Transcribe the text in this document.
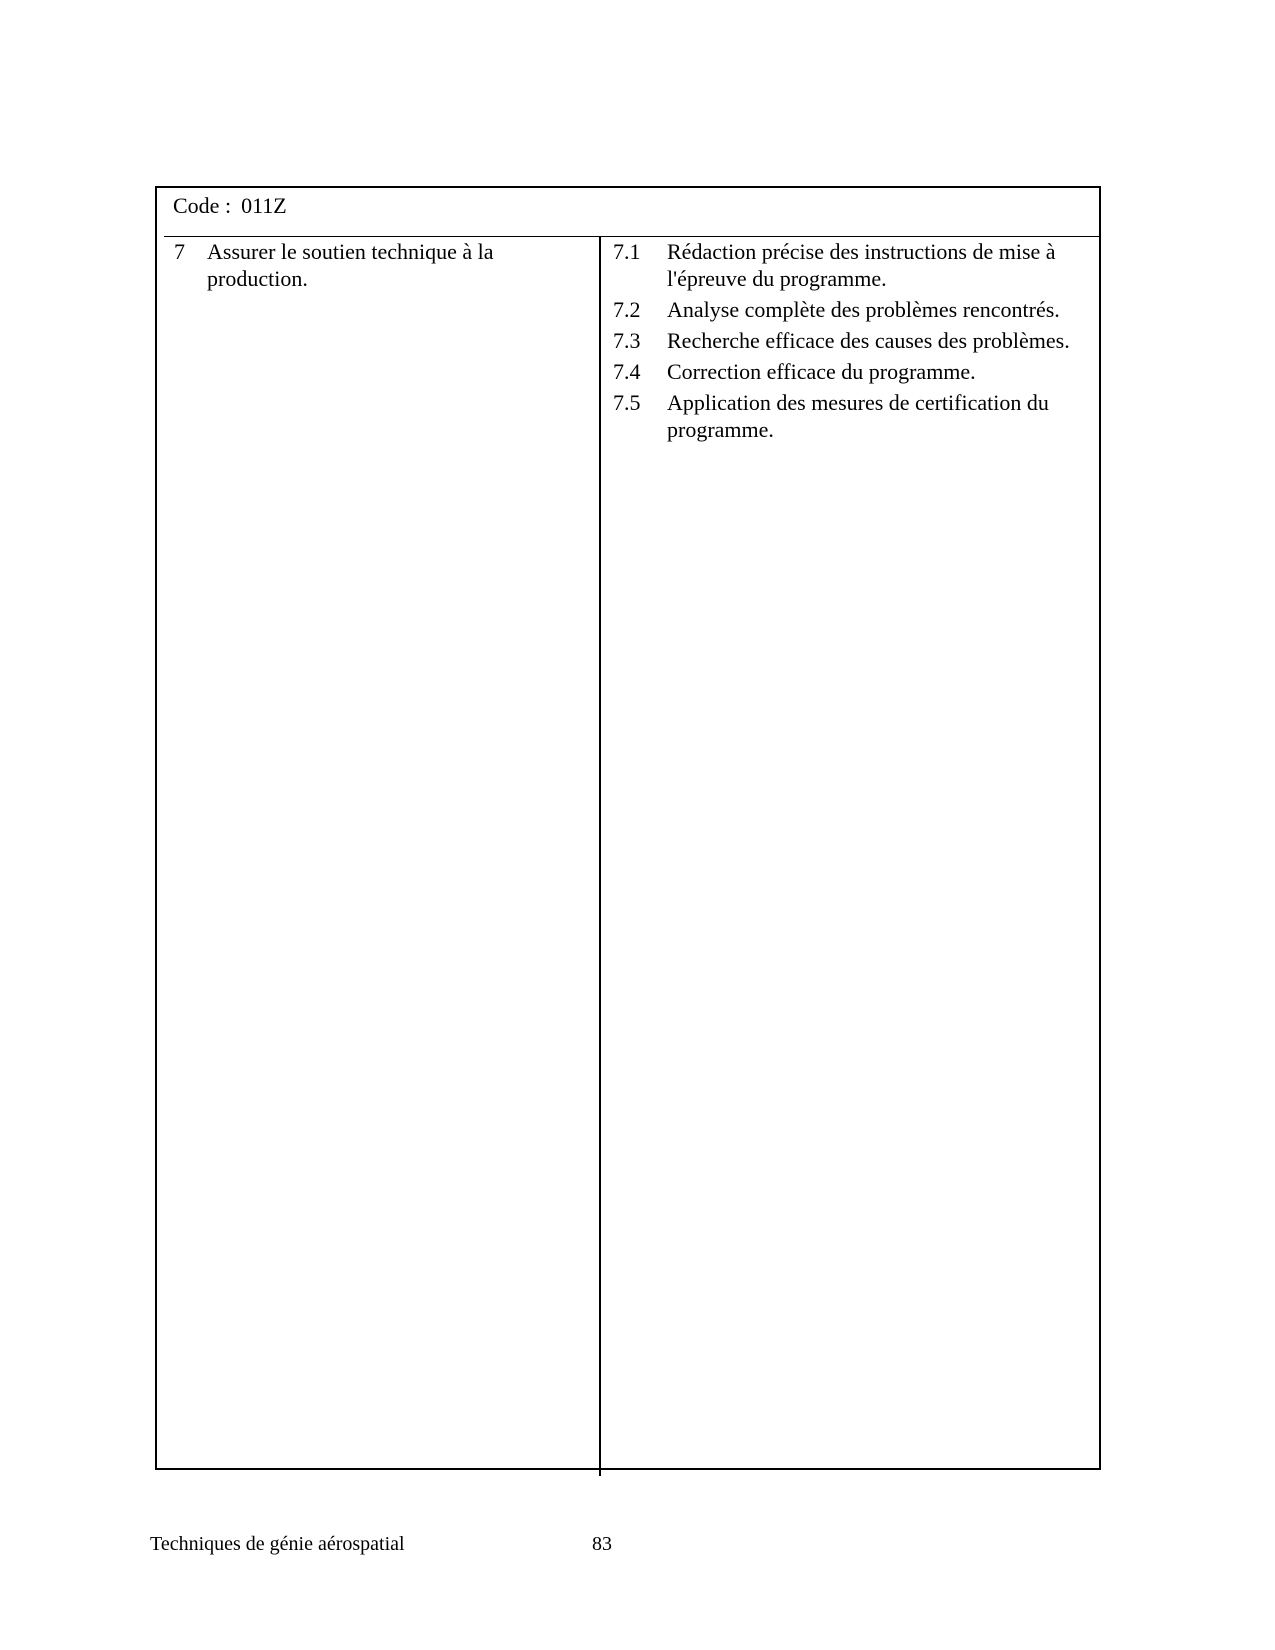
Code : 011Z
7 Assurer le soutien technique à la production.
7.1 Rédaction précise des instructions de mise à l'épreuve du programme.
7.2 Analyse complète des problèmes rencontrés.
7.3 Recherche efficace des causes des problèmes.
7.4 Correction efficace du programme.
7.5 Application des mesures de certification du programme.
Techniques de génie aérospatial	83
